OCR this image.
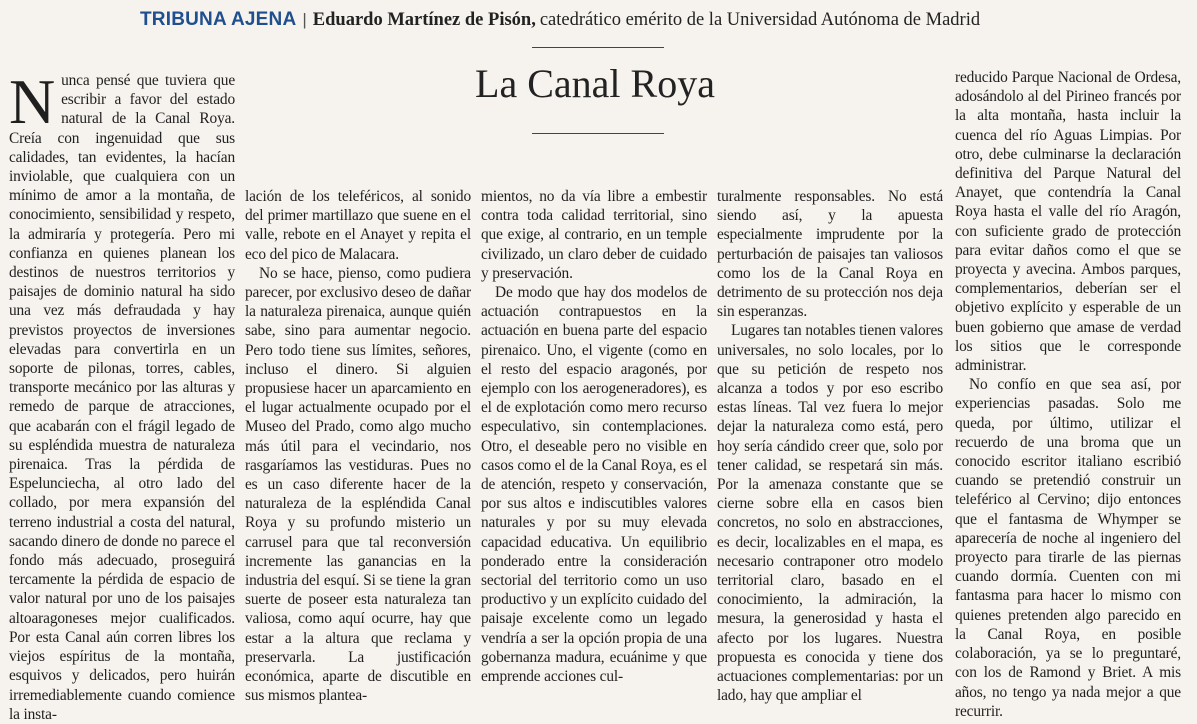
TRIBUNA AJENA | Eduardo Martínez de Pisón, catedrático emérito de la Universidad Autónoma de Madrid
La Canal Roya

Nunca pensé que tuviera que escribir a favor del estado natural de la Canal Roya. Creía con ingenuidad que sus calidades, tan evidentes, la hacían inviolable, que cualquiera con un mínimo de amor a la montaña, de conocimiento, sensibilidad y respeto, la admiraría y protegería. Pero mi confianza en quienes planean los destinos de nuestros territorios y paisajes de dominio natural ha sido una vez más defraudada y hay previstos proyectos de inversiones elevadas para convertirla en un soporte de pilonas, torres, cables, transporte mecánico por las alturas y remedo de parque de atracciones, que acabarán con el frágil legado de su espléndida muestra de naturaleza pirenaica. Tras la pérdida de Espelunciecha, al otro lado del collado, por mera expansión del terreno industrial a costa del natural, sacando dinero de donde no parece el fondo más adecuado, proseguirá tercamente la pérdida de espacio de valor natural por uno de los paisajes altoaragoneses mejor cualificados. Por esta Canal aún corren libres los viejos espíritus de la montaña, esquivos y delicados, pero huirán irremediablemente cuando comience la insta-

lación de los teleféricos, al sonido del primer martillazo que suene en el valle, rebote en el Anayet y repita el eco del pico de Malacara.

No se hace, pienso, como pudiera parecer, por exclusivo deseo de dañar la naturaleza pirenaica, aunque quién sabe, sino para aumentar negocio. Pero todo tiene sus límites, señores, incluso el dinero. Si alguien propusiese hacer un aparcamiento en el lugar actualmente ocupado por el Museo del Prado, como algo mucho más útil para el vecindario, nos rasgaríamos las vestiduras. Pues no es un caso diferente hacer de la naturaleza de la espléndida Canal Roya y su profundo misterio un carrusel para que tal reconversión incremente las ganancias en la industria del esquí. Si se tiene la gran suerte de poseer esta naturaleza tan valiosa, como aquí ocurre, hay que estar a la altura que reclama y preservarla. La justificación económica, aparte de discutible en sus mismos plantea-

mientos, no da vía libre a embestir contra toda calidad territorial, sino que exige, al contrario, en un temple civilizado, un claro deber de cuidado y preservación.

De modo que hay dos modelos de actuación contrapuestos en la actuación en buena parte del espacio pirenaico. Uno, el vigente (como en el resto del espacio aragonés, por ejemplo con los aerogeneradores), es el de explotación como mero recurso especulativo, sin contemplaciones. Otro, el deseable pero no visible en casos como el de la Canal Roya, es el de atención, respeto y conservación, por sus altos e indiscutibles valores naturales y por su muy elevada capacidad educativa. Un equilibrio ponderado entre la consideración sectorial del territorio como un uso productivo y un explícito cuidado del paisaje excelente como un legado vendría a ser la opción propia de una gobernanza madura, ecuánime y que emprende acciones cul-

turalmente responsables. No está siendo así, y la apuesta especialmente imprudente por la perturbación de paisajes tan valiosos como los de la Canal Roya en detrimento de su protección nos deja sin esperanzas.

Lugares tan notables tienen valores universales, no solo locales, por lo que su petición de respeto nos alcanza a todos y por eso escribo estas líneas. Tal vez fuera lo mejor dejar la naturaleza como está, pero hoy sería cándido creer que, solo por tener calidad, se respetará sin más. Por la amenaza constante que se cierne sobre ella en casos bien concretos, no solo en abstracciones, es decir, localizables en el mapa, es necesario contraponer otro modelo territorial claro, basado en el conocimiento, la admiración, la mesura, la generosidad y hasta el afecto por los lugares. Nuestra propuesta es conocida y tiene dos actuaciones complementarias: por un lado, hay que ampliar el

reducido Parque Nacional de Ordesa, adosándolo al del Pirineo francés por la alta montaña, hasta incluir la cuenca del río Aguas Limpias. Por otro, debe culminarse la declaración definitiva del Parque Natural del Anayet, que contendría la Canal Roya hasta el valle del río Aragón, con suficiente grado de protección para evitar daños como el que se proyecta y avecina. Ambos parques, complementarios, deberían ser el objetivo explícito y esperable de un buen gobierno que amase de verdad los sitios que le corresponde administrar.

No confío en que sea así, por experiencias pasadas. Solo me queda, por último, utilizar el recuerdo de una broma que un conocido escritor italiano escribió cuando se pretendió construir un teleférico al Cervino; dijo entonces que el fantasma de Whymper se aparecería de noche al ingeniero del proyecto para tirarle de las piernas cuando dormía. Cuenten con mi fantasma para hacer lo mismo con quienes pretenden algo parecido en la Canal Roya, en posible colaboración, ya se lo preguntaré, con los de Ramond y Briet. A mis años, no tengo ya nada mejor a que recurrir.
